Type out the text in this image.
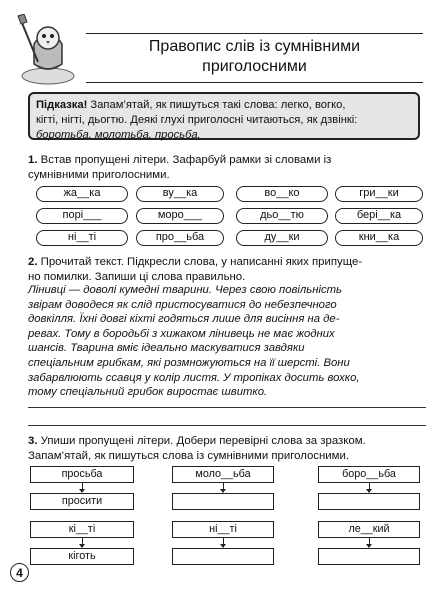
Правопис слів із сумнівними
приголосними
Підказка! Запам’ятай, як пишуться такі слова: легко, вогко,
кігті, нігті, дьогтю. Деякі глухі приголосні читаються, як дзвінкі:
боротьба, молотьба, просьба.
1. Встав пропущені літери. Зафарбуй рамки зі словами із
сумнівними приголосними.
жа__ка	ву__ка	во__ко	гри__ки
порі___	моро___	дьо__тю	бері__ка
ні__ті	про__ьба	ду__ки	кни__ка
2. Прочитай текст. Підкресли слова, у написанні яких припуще-
но помилки. Запиши ці слова правильно.
Лінивці — доволі кумедні тварини. Через свою повільність
звірам доводеся як слід пристосуватися до небезпечного
довкілля. Їхні довгі кіхті годяться лише для висіння на де-
ревах. Тому в бородьбі з хижаком лінивець не має жодних
шансів. Тварина вміє ідеально маскуватися завдяки
спеціальним грибкам, які розмножуються на її шерсті. Вони
забарвлюють ссавця у колір листя. У тропіках досить вохко,
тому спеціальний грибок виростає швитко.
3. Упиши пропущені літери. Добери перевірні слова за зразком.
Запам’ятай, як пишуться слова із сумнівними приголосними.
просьба
просити
кі__ті
кіготь
моло__ьба
ні__ті
боро__ьба
ле__кий
4
